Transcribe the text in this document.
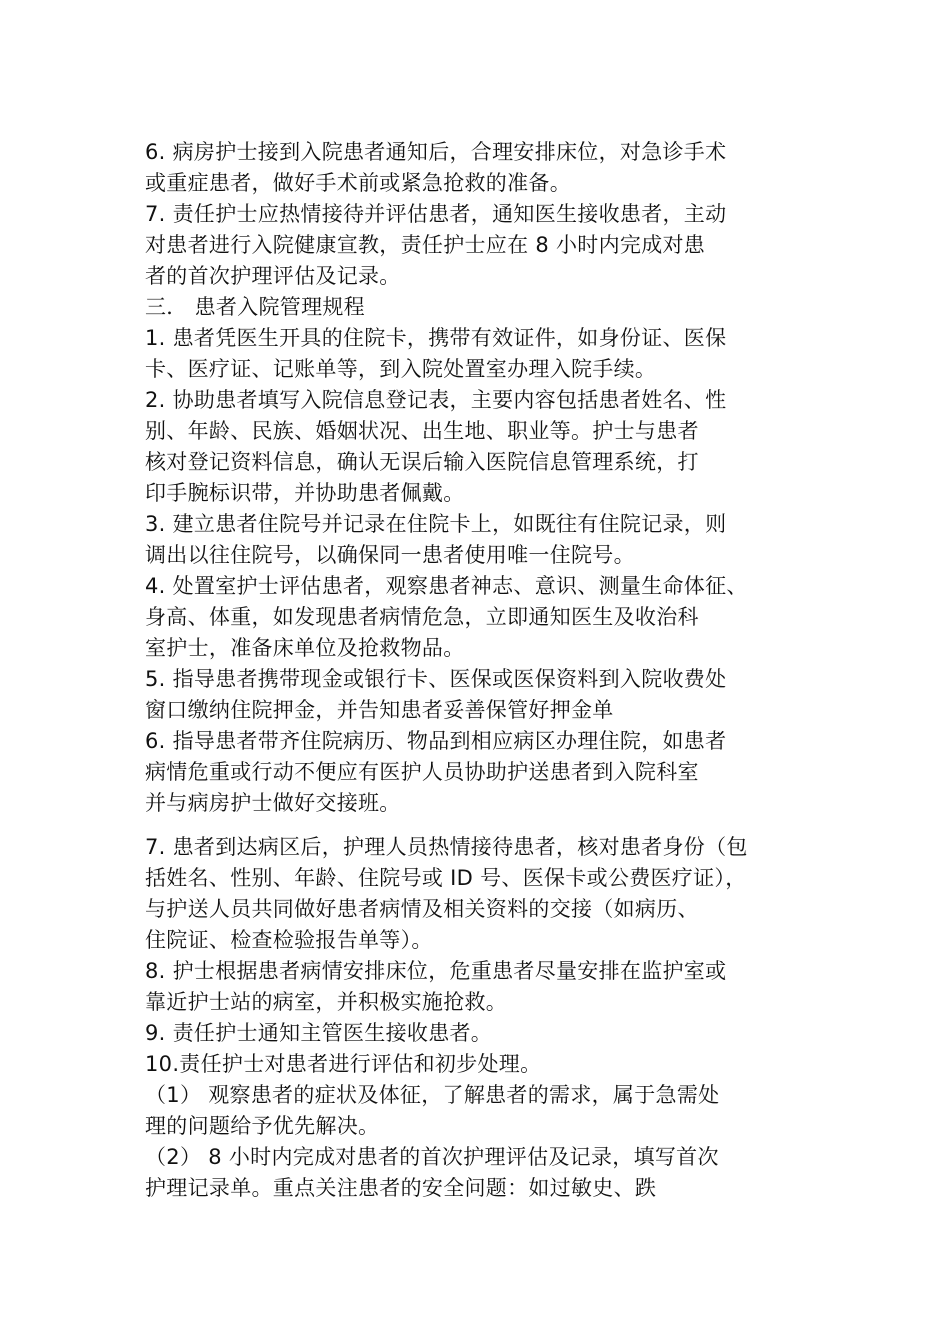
6. 病房护士接到入院患者通知后，合理安排床位，对急诊手术
或重症患者，做好手术前或紧急抢救的准备。
7. 责任护士应热情接待并评估患者，通知医生接收患者，主动
对患者进行入院健康宣教，责任护士应在 8 小时内完成对患
者的首次护理评估及记录。
三． 患者入院管理规程
1. 患者凭医生开具的住院卡，携带有效证件，如身份证、医保
卡、医疗证、记账单等，到入院处置室办理入院手续。
2. 协助患者填写入院信息登记表，主要内容包括患者姓名、性
别、年龄、民族、婚姻状况、出生地、职业等。护士与患者
核对登记资料信息，确认无误后输入医院信息管理系统，打
印手腕标识带，并协助患者佩戴。
3. 建立患者住院号并记录在住院卡上，如既往有住院记录，则
调出以往住院号，以确保同一患者使用唯一住院号。
4. 处置室护士评估患者，观察患者神志、意识、测量生命体征、
身高、体重，如发现患者病情危急，立即通知医生及收治科
室护士，准备床单位及抢救物品。
5. 指导患者携带现金或银行卡、医保或医保资料到入院收费处
窗口缴纳住院押金，并告知患者妥善保管好押金单
6. 指导患者带齐住院病历、物品到相应病区办理住院，如患者
病情危重或行动不便应有医护人员协助护送患者到入院科室
并与病房护士做好交接班。
7. 患者到达病区后，护理人员热情接待患者，核对患者身份（包
括姓名、性别、年龄、住院号或 ID 号、医保卡或公费医疗证），
与护送人员共同做好患者病情及相关资料的交接（如病历、
住院证、检查检验报告单等）。
8. 护士根据患者病情安排床位，危重患者尽量安排在监护室或
靠近护士站的病室，并积极实施抢救。
9. 责任护士通知主管医生接收患者。
10.责任护士对患者进行评估和初步处理。
（1） 观察患者的症状及体征，了解患者的需求，属于急需处
理的问题给予优先解决。
（2） 8 小时内完成对患者的首次护理评估及记录，填写首次
护理记录单。重点关注患者的安全问题：如过敏史、跌
